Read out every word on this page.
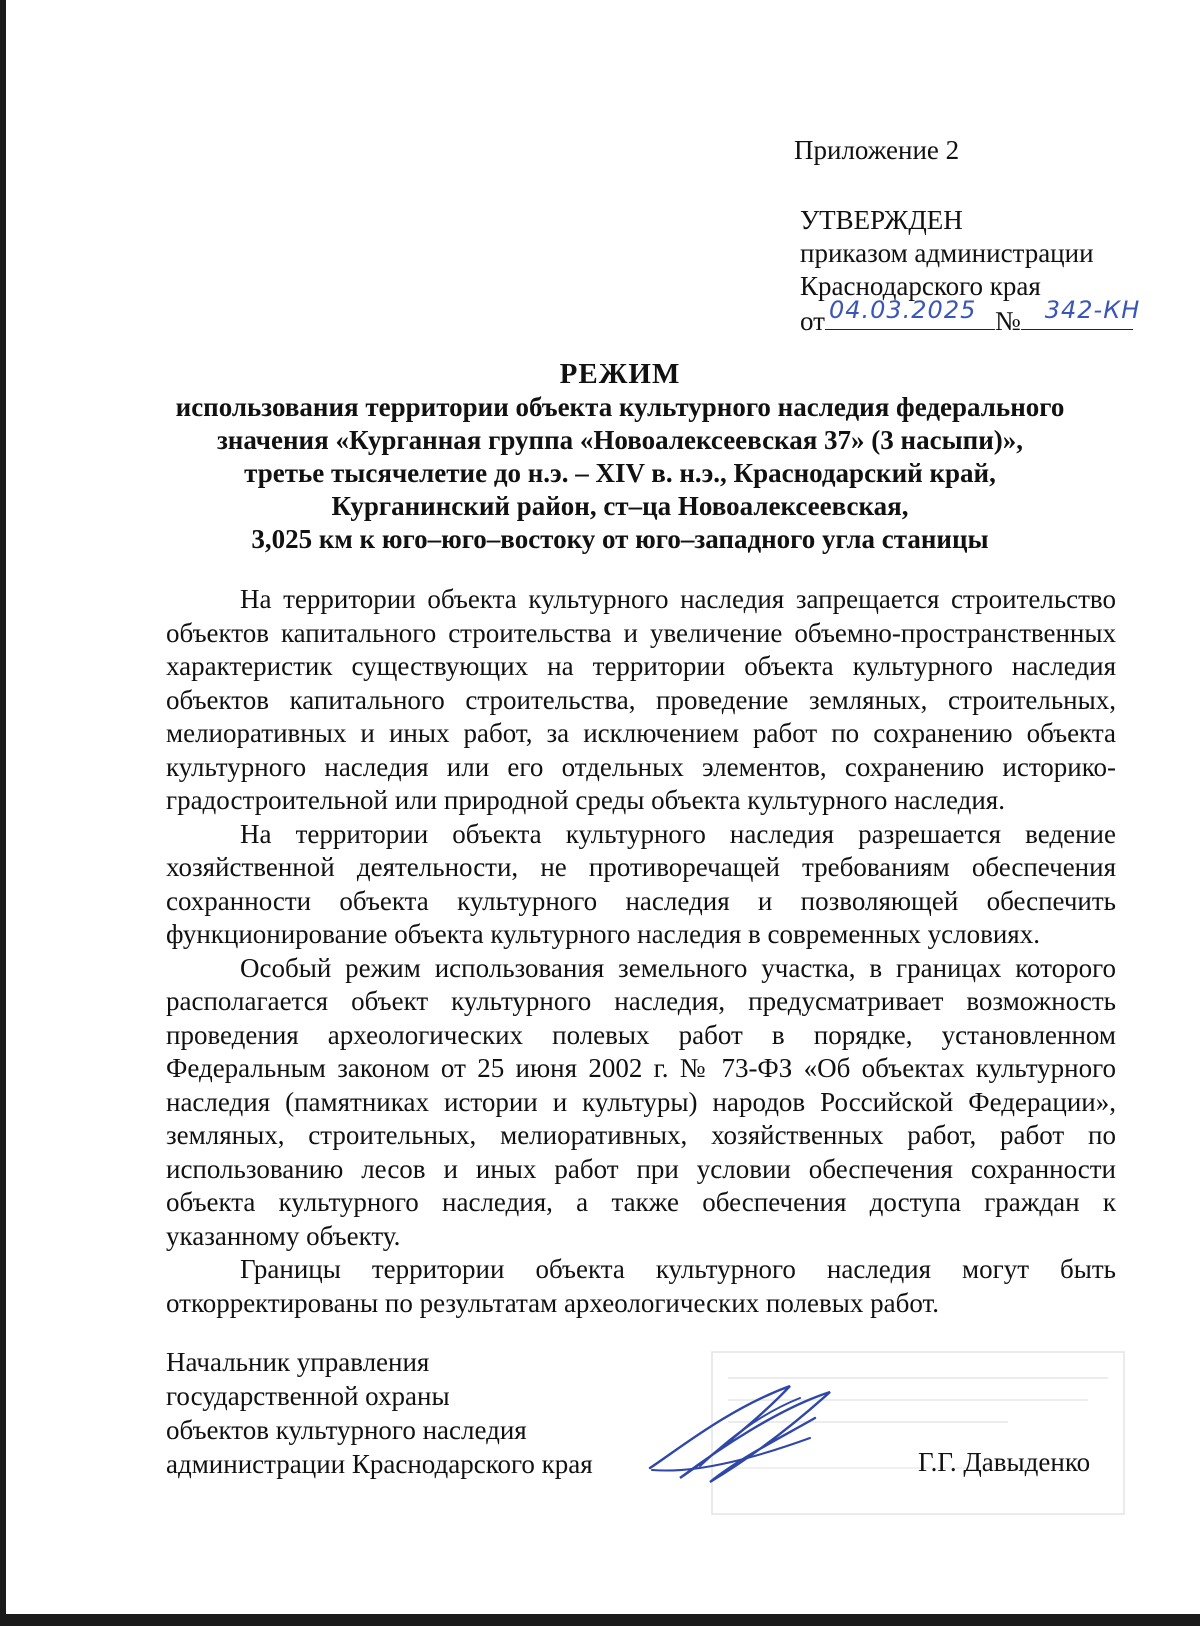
Приложение 2
УТВЕРЖДЕН
приказом администрации
Краснодарского края
от 04.03.2025 № 342-КН
РЕЖИМ
использования территории объекта культурного наследия федерального
значения «Курганная группа «Новоалексеевская 37» (3 насыпи)»,
третье тысячелетие до н.э. – XIV в. н.э., Краснодарский край,
Курганинский район, ст–ца Новоалексеевская,
3,025 км к юго–юго–востоку от юго–западного угла станицы

На территории объекта культурного наследия запрещается строительство объектов капитального строительства и увеличение объемно-пространственных характеристик существующих на территории объекта культурного наследия объектов капитального строительства, проведение земляных, строительных, мелиоративных и иных работ, за исключением работ по сохранению объекта культурного наследия или его отдельных элементов, сохранению историко-градостроительной или природной среды объекта культурного наследия.

На территории объекта культурного наследия разрешается ведение хозяйственной деятельности, не противоречащей требованиям обеспечения сохранности объекта культурного наследия и позволяющей обеспечить функционирование объекта культурного наследия в современных условиях.

Особый режим использования земельного участка, в границах которого располагается объект культурного наследия, предусматривает возможность проведения археологических полевых работ в порядке, установленном Федеральным законом от 25 июня 2002 г. № 73-ФЗ «Об объектах культурного наследия (памятниках истории и культуры) народов Российской Федерации», земляных, строительных, мелиоративных, хозяйственных работ, работ по использованию лесов и иных работ при условии обеспечения сохранности объекта культурного наследия, а также обеспечения доступа граждан к указанному объекту.

Границы территории объекта культурного наследия могут быть откорректированы по результатам археологических полевых работ.

Начальник управления
государственной охраны
объектов культурного наследия
администрации Краснодарского края	Г.Г. Давыденко
